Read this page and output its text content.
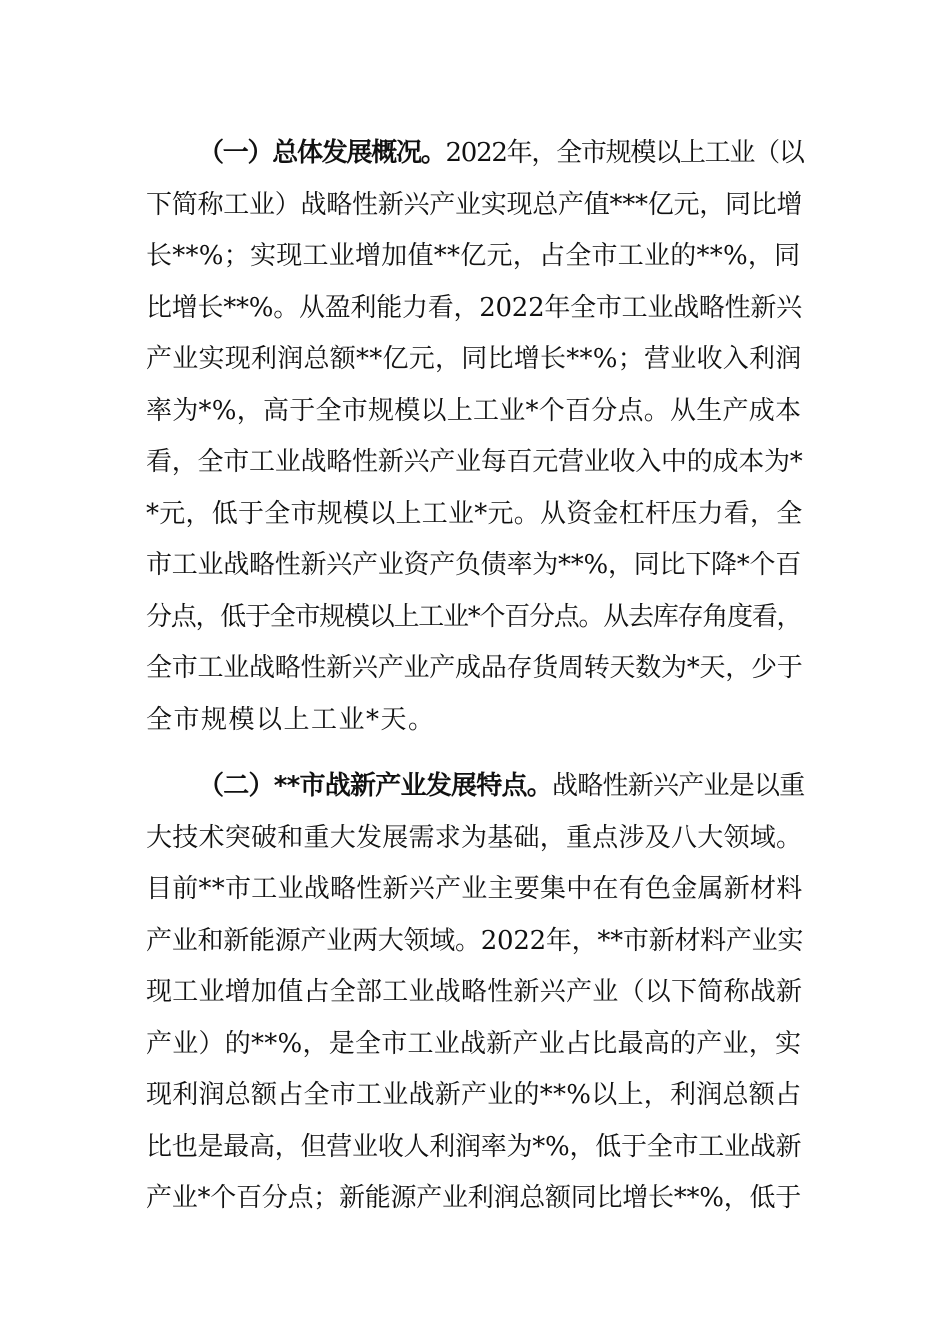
（一）总体发展概况。2022年，全市规模以上工业（以
下简称工业）战略性新兴产业实现总产值***亿元，同比增
长**%；实现工业增加值**亿元，占全市工业的**%，同
比增长**%。从盈利能力看，2022年全市工业战略性新兴
产业实现利润总额**亿元，同比增长**%；营业收入利润
率为*%，高于全市规模以上工业*个百分点。从生产成本
看，全市工业战略性新兴产业每百元营业收入中的成本为*
*元，低于全市规模以上工业*元。从资金杠杆压力看，全
市工业战略性新兴产业资产负债率为**%，同比下降*个百
分点，低于全市规模以上工业*个百分点。从去库存角度看，
全市工业战略性新兴产业产成品存货周转天数为*天，少于
全市规模以上工业*天。
（二）**市战新产业发展特点。战略性新兴产业是以重
大技术突破和重大发展需求为基础，重点涉及八大领域。
目前**市工业战略性新兴产业主要集中在有色金属新材料
产业和新能源产业两大领域。2022年，**市新材料产业实
现工业增加值占全部工业战略性新兴产业（以下简称战新
产业）的**%，是全市工业战新产业占比最高的产业，实
现利润总额占全市工业战新产业的**%以上，利润总额占
比也是最高，但营业收人利润率为*%，低于全市工业战新
产业*个百分点；新能源产业利润总额同比增长**%，低于
